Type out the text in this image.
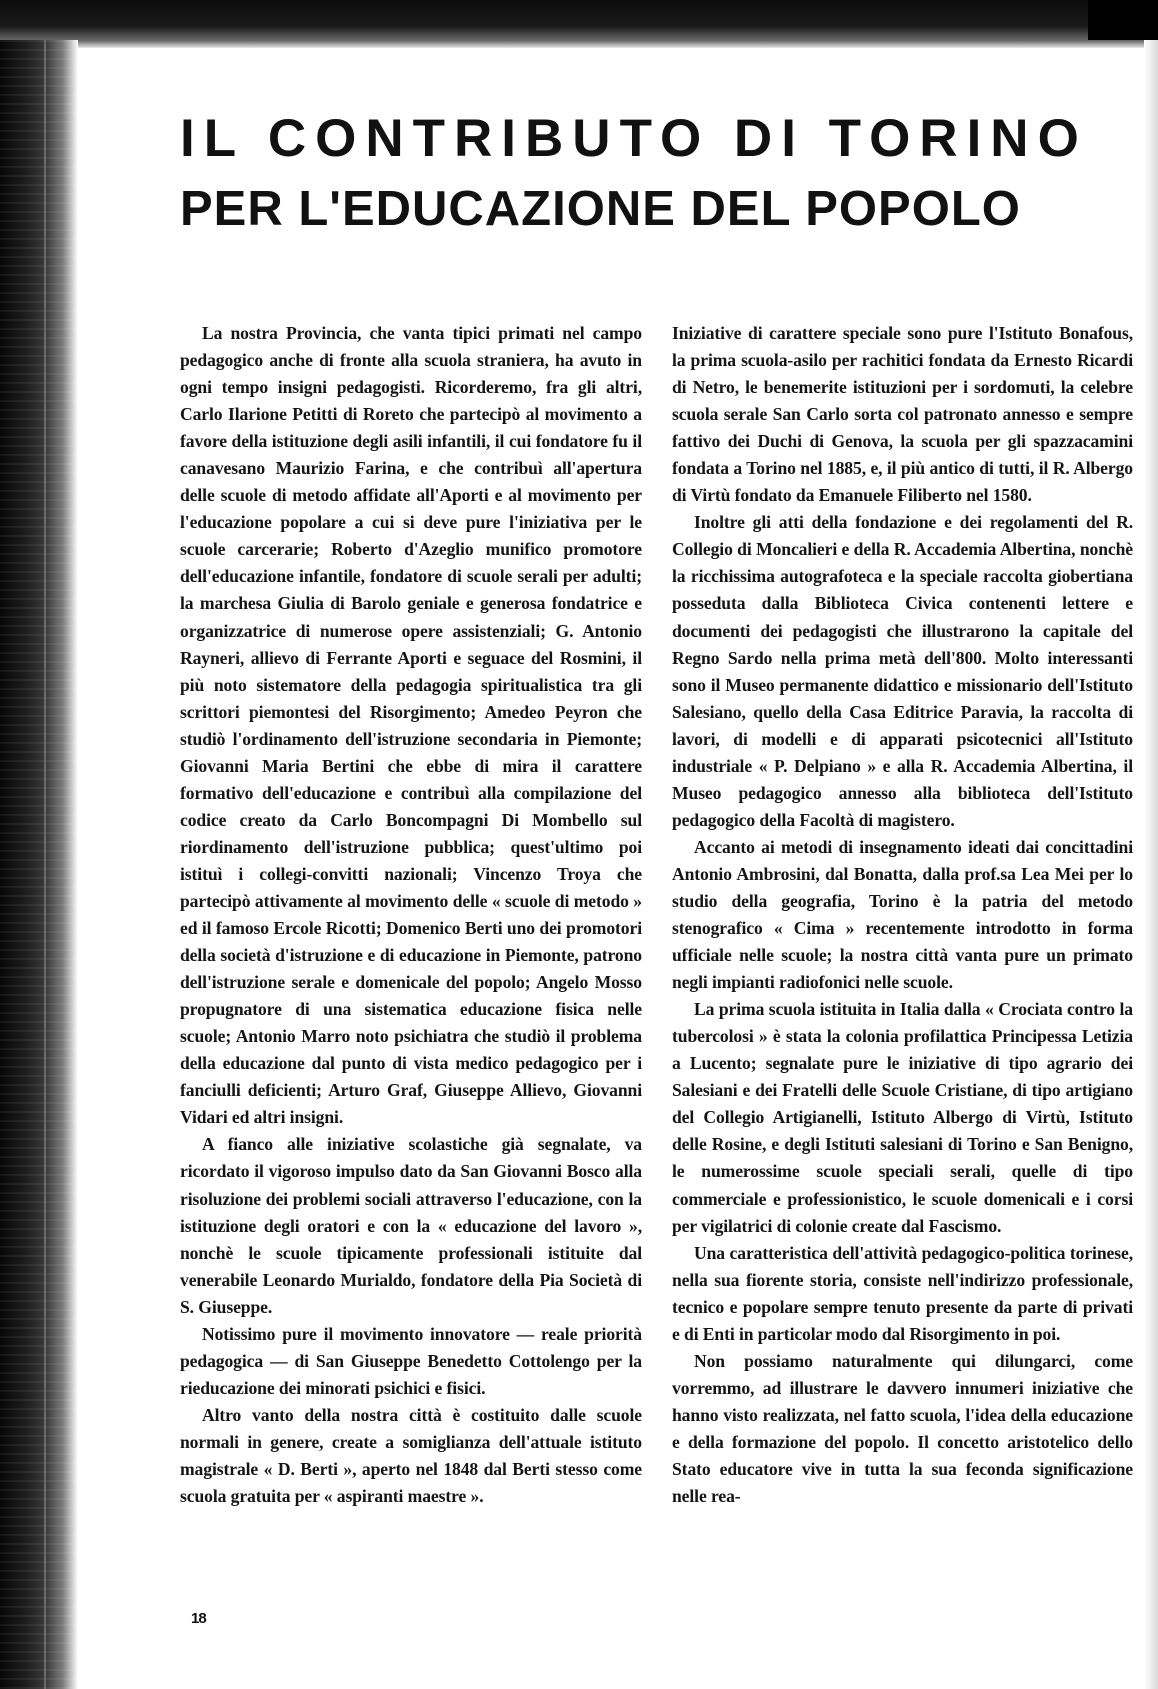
IL CONTRIBUTO DI TORINO
PER L'EDUCAZIONE DEL POPOLO

La nostra Provincia, che vanta tipici primati nel campo pedagogico anche di fronte alla scuola straniera, ha avuto in ogni tempo insigni pedagogisti. Ricorderemo, fra gli altri, Carlo Ilarione Petitti di Roreto che partecipò al movimento a favore della istituzione degli asili infantili, il cui fondatore fu il canavesano Maurizio Farina, e che contribuì all'apertura delle scuole di metodo affidate all'Aporti e al movimento per l'educazione popolare a cui si deve pure l'iniziativa per le scuole carcerarie; Roberto d'Azeglio munifico promotore dell'educazione infantile, fondatore di scuole serali per adulti; la marchesa Giulia di Barolo geniale e generosa fondatrice e organizzatrice di numerose opere assistenziali; G. Antonio Rayneri, allievo di Ferrante Aporti e seguace del Rosmini, il più noto sistematore della pedagogia spiritualistica tra gli scrittori piemontesi del Risorgimento; Amedeo Peyron che studiò l'ordinamento dell'istruzione secondaria in Piemonte; Giovanni Maria Bertini che ebbe di mira il carattere formativo dell'educazione e contribuì alla compilazione del codice creato da Carlo Boncompagni Di Mombello sul riordinamento dell'istruzione pubblica; quest'ultimo poi istituì i collegi-convitti nazionali; Vincenzo Troya che partecipò attivamente al movimento delle « scuole di metodo » ed il famoso Ercole Ricotti; Domenico Berti uno dei promotori della società d'istruzione e di educazione in Piemonte, patrono dell'istruzione serale e domenicale del popolo; Angelo Mosso propugnatore di una sistematica educazione fisica nelle scuole; Antonio Marro noto psichiatra che studiò il problema della educazione dal punto di vista medico pedagogico per i fanciulli deficienti; Arturo Graf, Giuseppe Allievo, Giovanni Vidari ed altri insigni.

A fianco alle iniziative scolastiche già segnalate, va ricordato il vigoroso impulso dato da San Giovanni Bosco alla risoluzione dei problemi sociali attraverso l'educazione, con la istituzione degli oratori e con la « educazione del lavoro », nonchè le scuole tipicamente professionali istituite dal venerabile Leonardo Murialdo, fondatore della Pia Società di S. Giuseppe.

Notissimo pure il movimento innovatore — reale priorità pedagogica — di San Giuseppe Benedetto Cottolengo per la rieducazione dei minorati psichici e fisici.

Altro vanto della nostra città è costituito dalle scuole normali in genere, create a somiglianza dell'attuale istituto magistrale « D. Berti », aperto nel 1848 dal Berti stesso come scuola gratuita per « aspiranti maestre ».

Iniziative di carattere speciale sono pure l'Istituto Bonafous, la prima scuola-asilo per rachitici fondata da Ernesto Ricardi di Netro, le benemerite istituzioni per i sordomuti, la celebre scuola serale San Carlo sorta col patronato annesso e sempre fattivo dei Duchi di Genova, la scuola per gli spazzacamini fondata a Torino nel 1885, e, il più antico di tutti, il R. Albergo di Virtù fondato da Emanuele Filiberto nel 1580.

Inoltre gli atti della fondazione e dei regolamenti del R. Collegio di Moncalieri e della R. Accademia Albertina, nonchè la ricchissima autografoteca e la speciale raccolta giobertiana posseduta dalla Biblioteca Civica contenenti lettere e documenti dei pedagogisti che illustrarono la capitale del Regno Sardo nella prima metà dell'800. Molto interessanti sono il Museo permanente didattico e missionario dell'Istituto Salesiano, quello della Casa Editrice Paravia, la raccolta di lavori, di modelli e di apparati psicotecnici all'Istituto industriale « P. Delpiano » e alla R. Accademia Albertina, il Museo pedagogico annesso alla biblioteca dell'Istituto pedagogico della Facoltà di magistero.

Accanto ai metodi di insegnamento ideati dai concittadini Antonio Ambrosini, dal Bonatta, dalla prof.sa Lea Mei per lo studio della geografia, Torino è la patria del metodo stenografico « Cima » recentemente introdotto in forma ufficiale nelle scuole; la nostra città vanta pure un primato negli impianti radiofonici nelle scuole.

La prima scuola istituita in Italia dalla « Crociata contro la tubercolosi » è stata la colonia profilattica Principessa Letizia a Lucento; segnalate pure le iniziative di tipo agrario dei Salesiani e dei Fratelli delle Scuole Cristiane, di tipo artigiano del Collegio Artigianelli, Istituto Albergo di Virtù, Istituto delle Rosine, e degli Istituti salesiani di Torino e San Benigno, le numerossime scuole speciali serali, quelle di tipo commerciale e professionistico, le scuole domenicali e i corsi per vigilatrici di colonie create dal Fascismo.

Una caratteristica dell'attività pedagogico-politica torinese, nella sua fiorente storia, consiste nell'indirizzo professionale, tecnico e popolare sempre tenuto presente da parte di privati e di Enti in particolar modo dal Risorgimento in poi.

Non possiamo naturalmente qui dilungarci, come vorremmo, ad illustrare le davvero innumeri iniziative che hanno visto realizzata, nel fatto scuola, l'idea della educazione e della formazione del popolo. Il concetto aristotelico dello Stato educatore vive in tutta la sua feconda significazione nelle rea-

18
